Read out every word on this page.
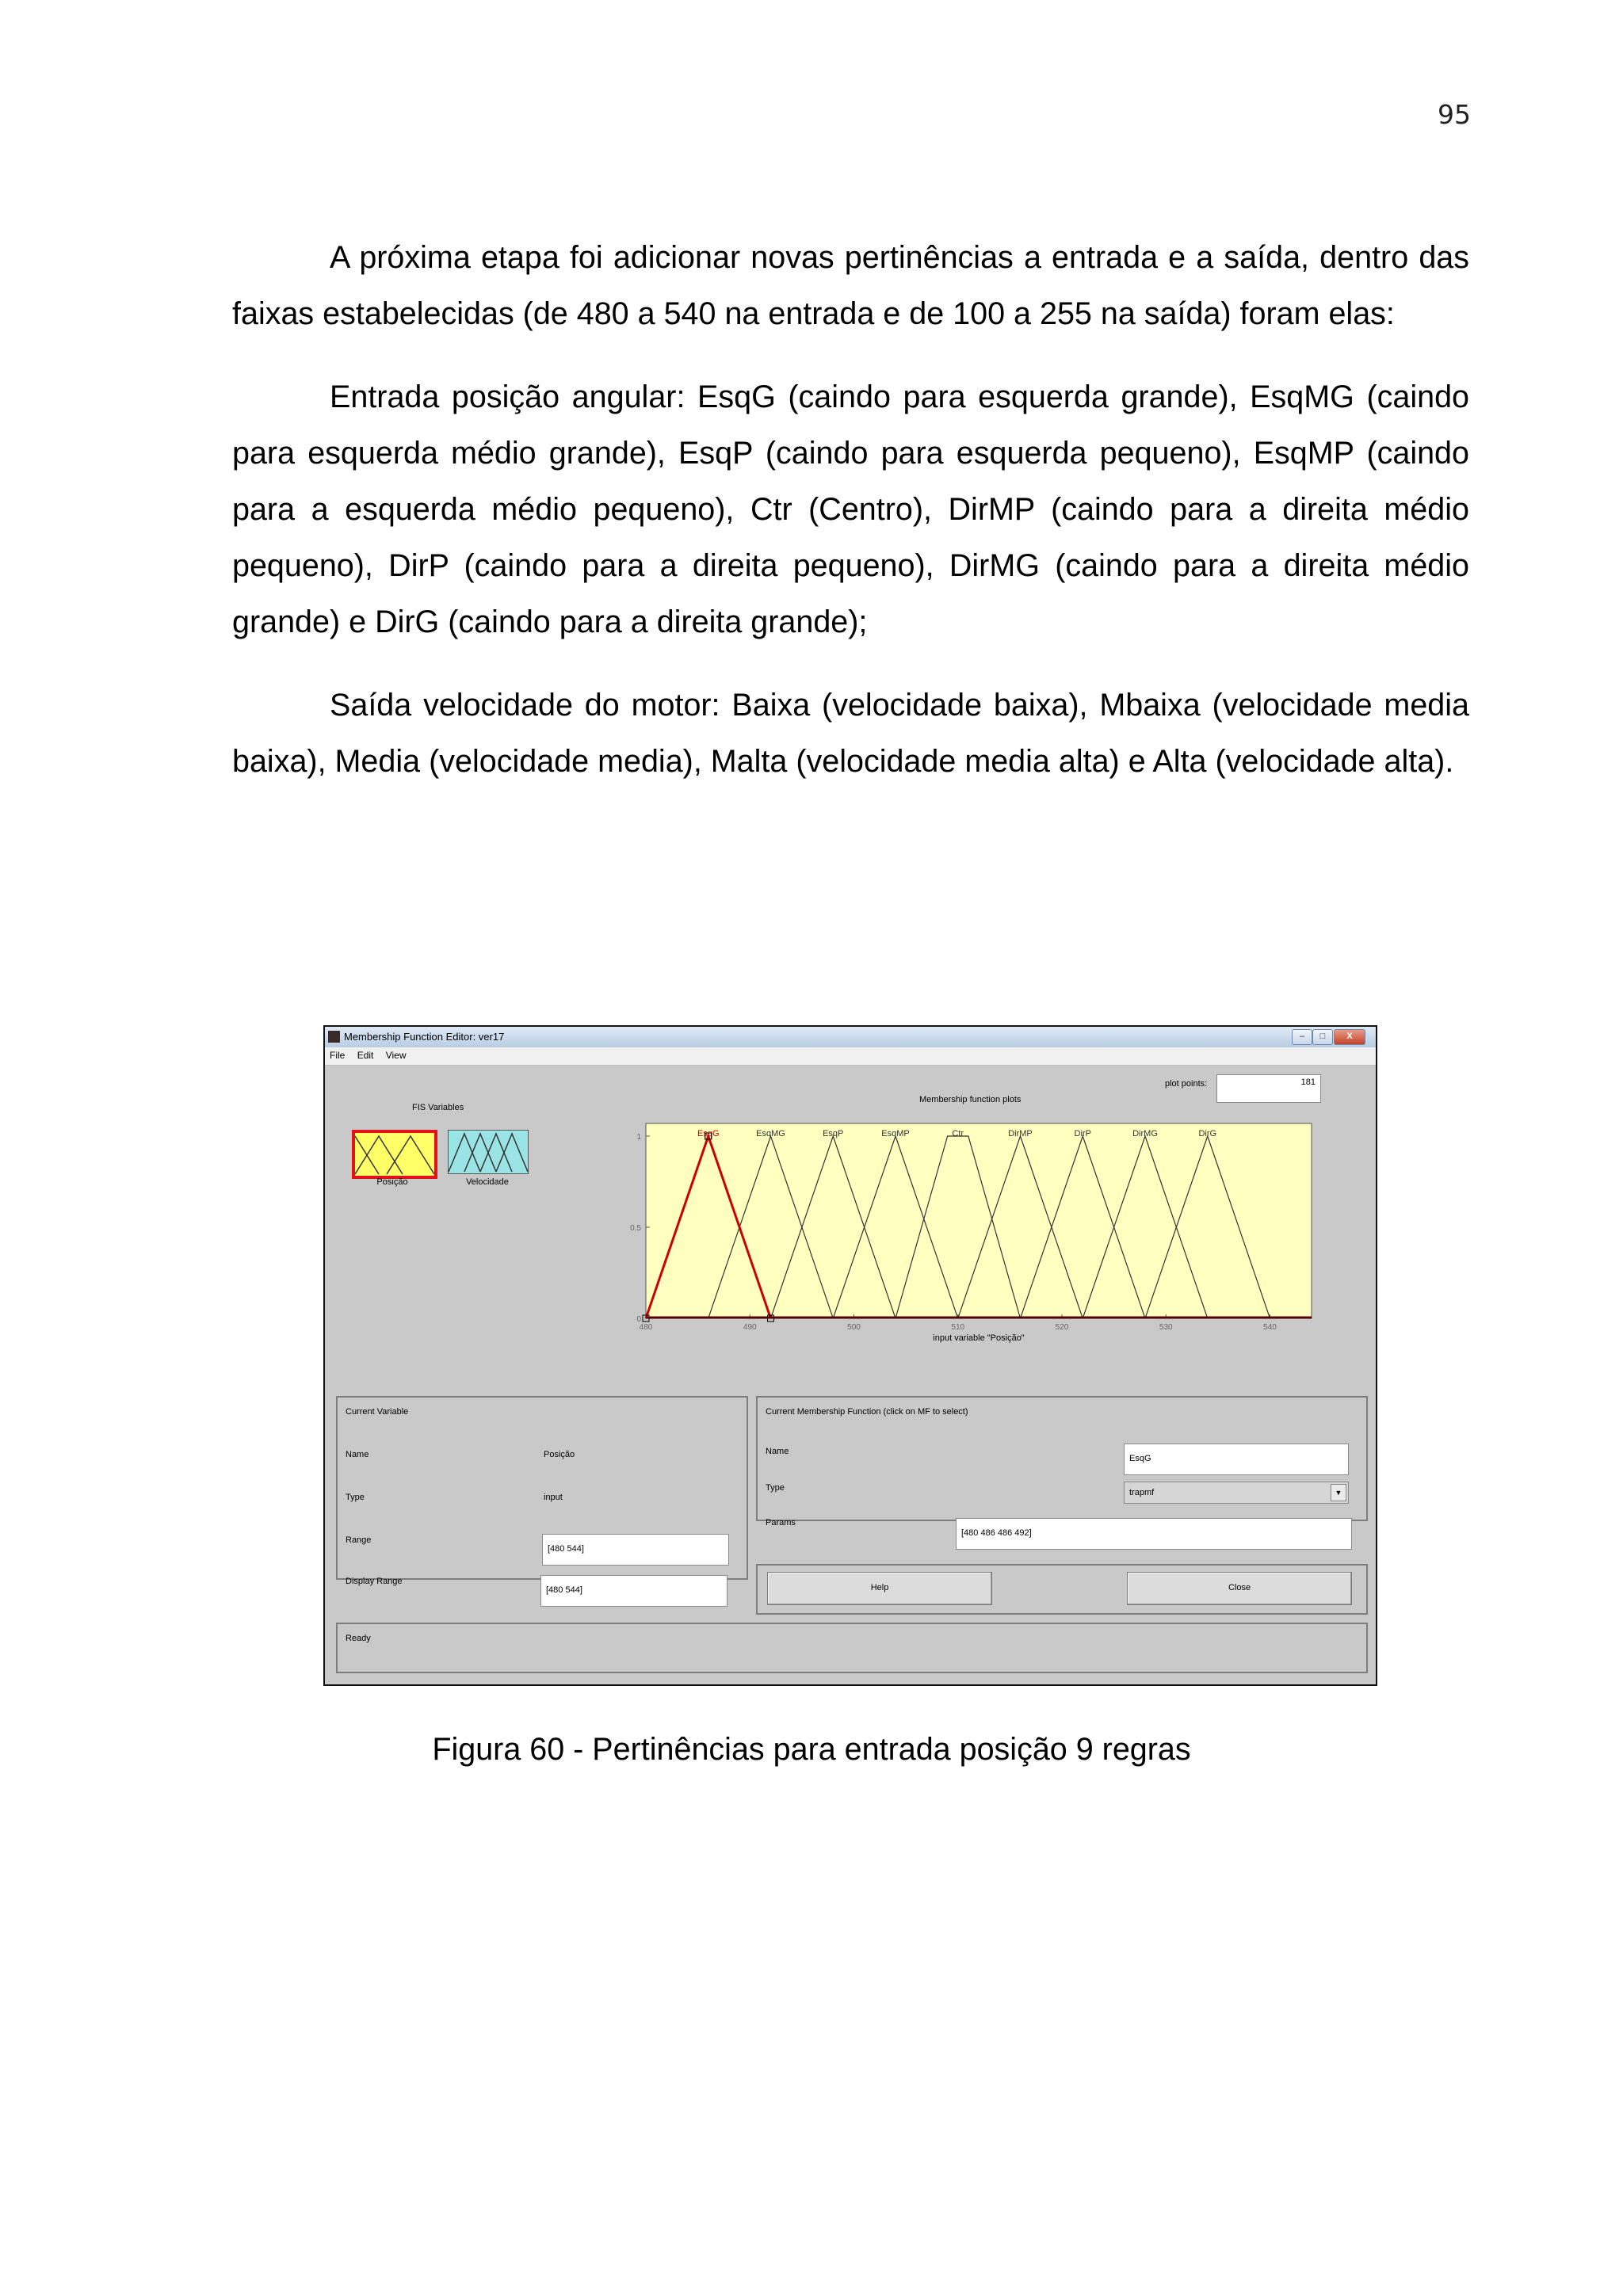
95

A próxima etapa foi adicionar novas pertinências a entrada e a saída, dentro das faixas estabelecidas (de 480 a 540 na entrada e de 100 a 255 na saída) foram elas:

Entrada posição angular: EsqG (caindo para esquerda grande), EsqMG (caindo para esquerda médio grande), EsqP (caindo para esquerda pequeno), EsqMP (caindo para a esquerda médio pequeno), Ctr (Centro), DirMP (caindo para a direita médio pequeno), DirP (caindo para a direita pequeno), DirMG (caindo para a direita médio grande) e DirG (caindo para a direita grande);

Saída velocidade do motor: Baixa (velocidade baixa), Mbaixa (velocidade media baixa), Media (velocidade media), Malta (velocidade media alta) e Alta (velocidade alta).

Membership Function Editor: ver17	–	□	X
File Edit View
FIS Variables
Posição	Velocidade
plot points:	181
Membership function plots
480	490	500	510	520	530	540
0
0.5
1
input variable "Posição"
EsqMG	EsqP	EsqMP	Ctr	DirMP	DirP	DirMG	DirG
EsqG
Current Variable
Name	Posição
Type	input
Range
[480 544]
Display Range
[480 544]
Current Membership Function (click on MF to select)
Name
EsqG
Type	trapmf	▼
Params
[480 486 486 492]
Help	Close
Ready
Figura 60 - Pertinências para entrada posição 9 regras
